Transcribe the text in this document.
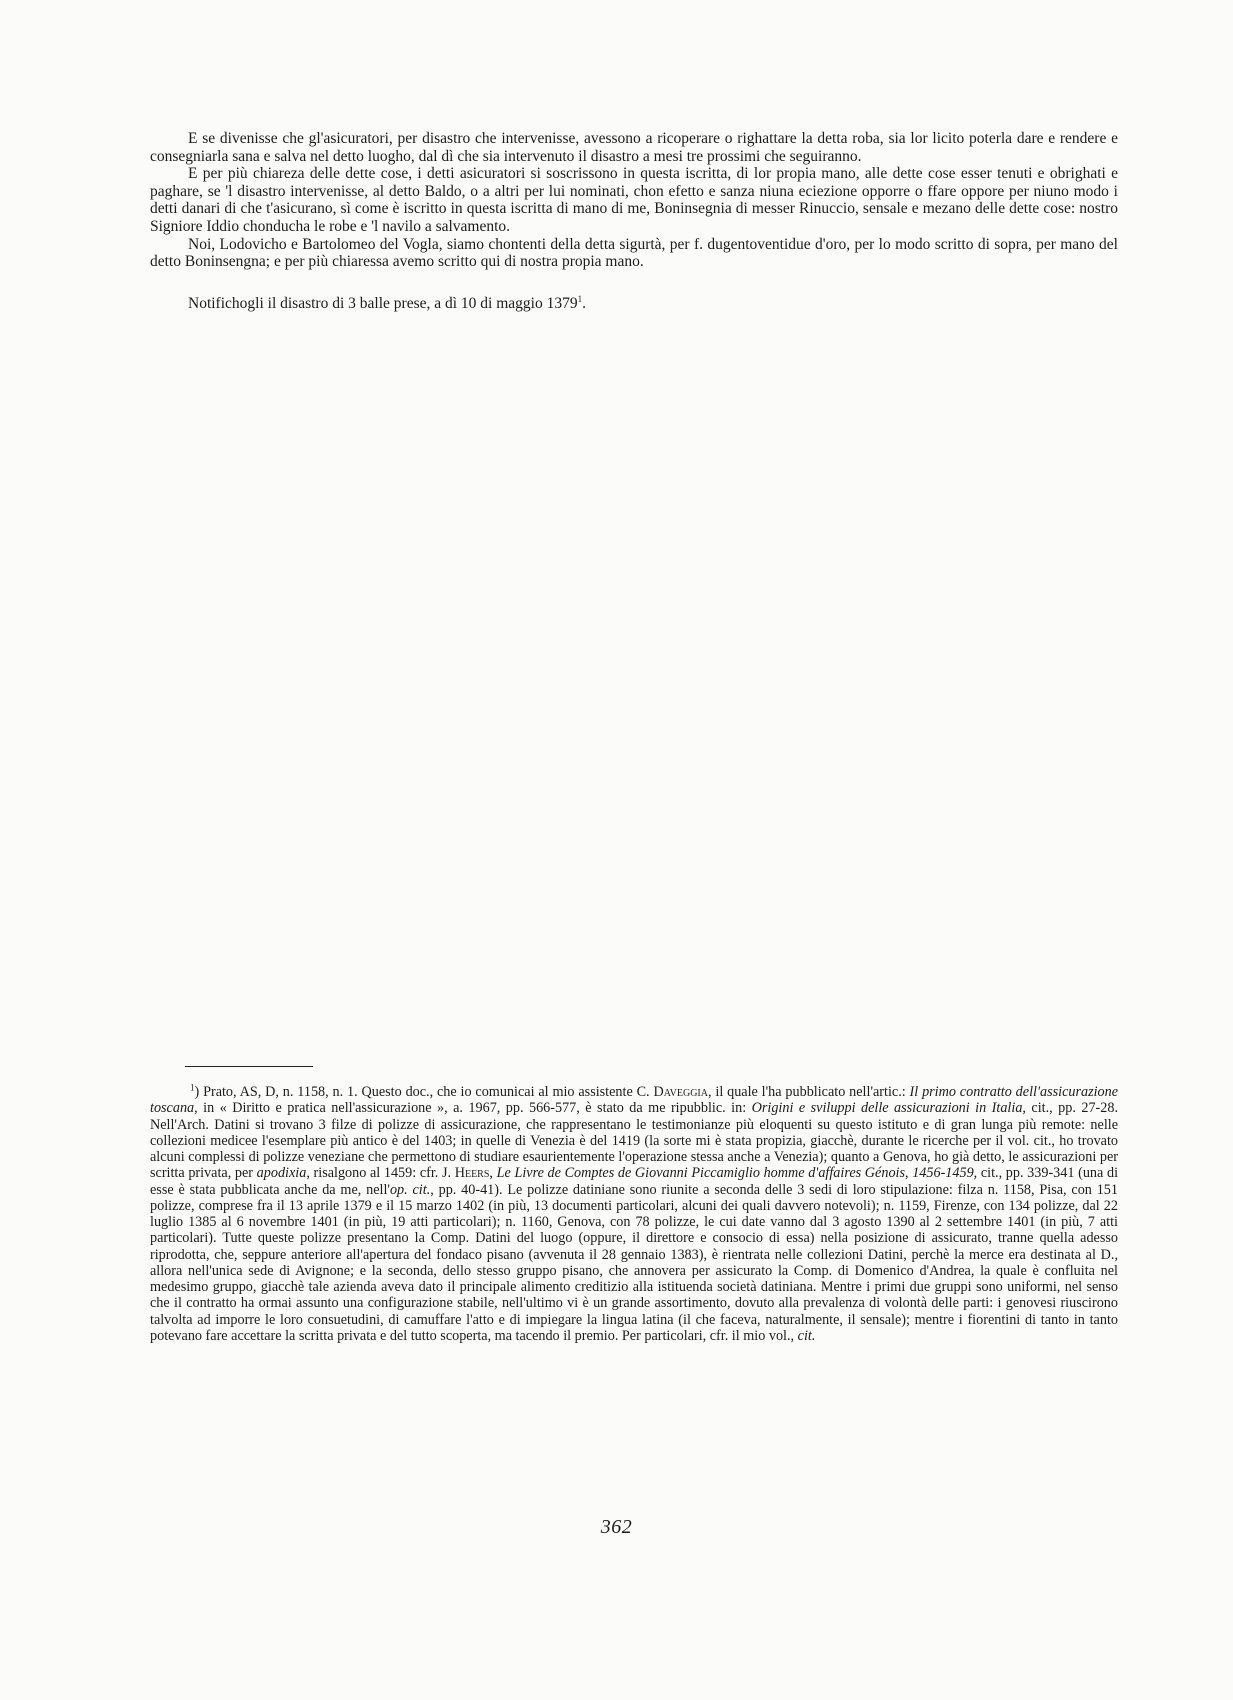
E se divenisse che gl'asicuratori, per disastro che intervenisse, avessono a ricoperare o righattare la detta roba, sia lor licito poterla dare e rendere e consegniarla sana e salva nel detto luogho, dal dì che sia intervenuto il disastro a mesi tre prossimi che seguiranno.

E per più chiareza delle dette cose, i detti asicuratori si soscrissono in questa iscritta, di lor propia mano, alle dette cose esser tenuti e obrighati e paghare, se 'l disastro intervenisse, al detto Baldo, o a altri per lui nominati, chon efetto e sanza niuna eciezione opporre o ffare oppore per niuno modo i detti danari di che t'asicurano, sì come è iscritto in questa iscritta di mano di me, Boninsegnia di messer Rinuccio, sensale e mezano delle dette cose: nostro Signiore Iddio chonducha le robe e 'l navilo a salvamento.

Noi, Lodovicho e Bartolomeo del Vogla, siamo chontenti della detta sigurtà, per f. dugentoventidue d'oro, per lo modo scritto di sopra, per mano del detto Boninsengna; e per più chiaressa avemo scritto qui di nostra propia mano.

Notifichogli il disastro di 3 balle prese, a dì 10 di maggio 1379$^1$.

$^1$) Prato, AS, D, n. 1158, n. 1. Questo doc., che io comunicai al mio assistente C. Daveggia, il quale l'ha pubblicato nell'artic.: Il primo contratto dell'assicurazione toscana, in « Diritto e pratica nell'assicurazione », a. 1967, pp. 566-577, è stato da me ripubblic. in: Origini e sviluppi delle assicurazioni in Italia, cit., pp. 27-28. Nell'Arch. Datini si trovano 3 filze di polizze di assicurazione, che rappresentano le testimonianze più eloquenti su questo istituto e di gran lunga più remote: nelle collezioni medicee l'esemplare più antico è del 1403; in quelle di Venezia è del 1419 (la sorte mi è stata propizia, giacchè, durante le ricerche per il vol. cit., ho trovato alcuni complessi di polizze veneziane che permettono di studiare esaurientemente l'operazione stessa anche a Venezia); quanto a Genova, ho già detto, le assicurazioni per scritta privata, per apodixia, risalgono al 1459: cfr. J. Heers, Le Livre de Comptes de Giovanni Piccamiglio homme d'affaires Génois, 1456-1459, cit., pp. 339-341 (una di esse è stata pubblicata anche da me, nell'op. cit., pp. 40-41). Le polizze datiniane sono riunite a seconda delle 3 sedi di loro stipulazione: filza n. 1158, Pisa, con 151 polizze, comprese fra il 13 aprile 1379 e il 15 marzo 1402 (in più, 13 documenti particolari, alcuni dei quali davvero notevoli); n. 1159, Firenze, con 134 polizze, dal 22 luglio 1385 al 6 novembre 1401 (in più, 19 atti particolari); n. 1160, Genova, con 78 polizze, le cui date vanno dal 3 agosto 1390 al 2 settembre 1401 (in più, 7 atti particolari). Tutte queste polizze presentano la Comp. Datini del luogo (oppure, il direttore e consocio di essa) nella posizione di assicurato, tranne quella adesso riprodotta, che, seppure anteriore all'apertura del fondaco pisano (avvenuta il 28 gennaio 1383), è rientrata nelle collezioni Datini, perchè la merce era destinata al D., allora nell'unica sede di Avignone; e la seconda, dello stesso gruppo pisano, che annovera per assicurato la Comp. di Domenico d'Andrea, la quale è confluita nel medesimo gruppo, giacchè tale azienda aveva dato il principale alimento creditizio alla istituenda società datiniana. Mentre i primi due gruppi sono uniformi, nel senso che il contratto ha ormai assunto una configurazione stabile, nell'ultimo vi è un grande assortimento, dovuto alla prevalenza di volontà delle parti: i genovesi riuscirono talvolta ad imporre le loro consuetudini, di camuffare l'atto e di impiegare la lingua latina (il che faceva, naturalmente, il sensale); mentre i fiorentini di tanto in tanto potevano fare accettare la scritta privata e del tutto scoperta, ma tacendo il premio. Per particolari, cfr. il mio vol., cit.

362
